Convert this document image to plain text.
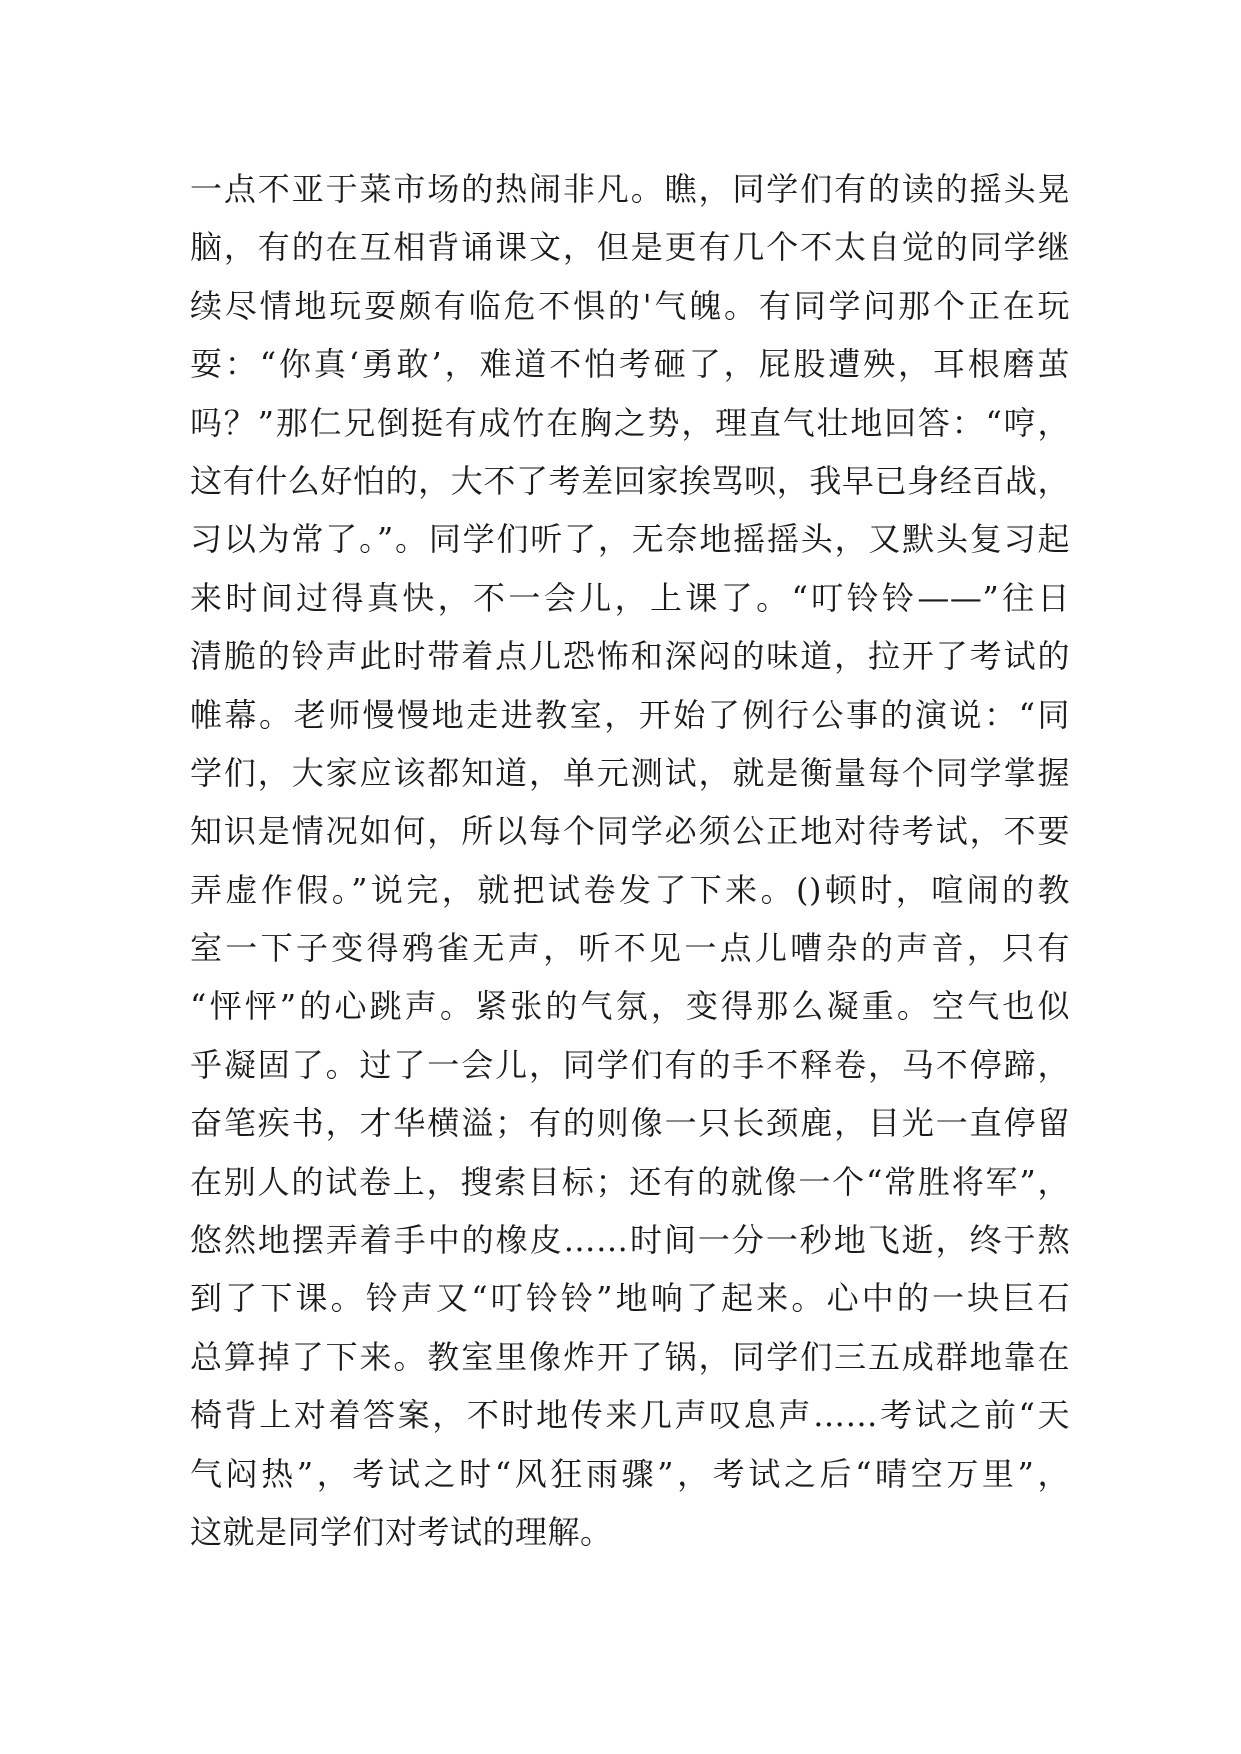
一点不亚于菜市场的热闹非凡。瞧，同学们有的读的摇头晃
脑，有的在互相背诵课文，但是更有几个不太自觉的同学继
续尽情地玩耍颇有临危不惧的'气魄。有同学问那个正在玩
耍：“你真‘勇敢’，难道不怕考砸了，屁股遭殃，耳根磨茧
吗？”那仁兄倒挺有成竹在胸之势，理直气壮地回答：“哼，
这有什么好怕的，大不了考差回家挨骂呗，我早已身经百战，
习以为常了。”。同学们听了，无奈地摇摇头，又默头复习起
来时间过得真快，不一会儿，上课了。“叮铃铃——”往日
清脆的铃声此时带着点儿恐怖和深闷的味道，拉开了考试的
帷幕。老师慢慢地走进教室，开始了例行公事的演说：“同
学们，大家应该都知道，单元测试，就是衡量每个同学掌握
知识是情况如何，所以每个同学必须公正地对待考试，不要
弄虚作假。”说完，就把试卷发了下来。()顿时，喧闹的教
室一下子变得鸦雀无声，听不见一点儿嘈杂的声音，只有
“怦怦”的心跳声。紧张的气氛，变得那么凝重。空气也似
乎凝固了。过了一会儿，同学们有的手不释卷，马不停蹄，
奋笔疾书，才华横溢；有的则像一只长颈鹿，目光一直停留
在别人的试卷上，搜索目标；还有的就像一个“常胜将军”，
悠然地摆弄着手中的橡皮……时间一分一秒地飞逝，终于熬
到了下课。铃声又“叮铃铃”地响了起来。心中的一块巨石
总算掉了下来。教室里像炸开了锅，同学们三五成群地靠在
椅背上对着答案，不时地传来几声叹息声……考试之前“天
气闷热”，考试之时“风狂雨骤”，考试之后“晴空万里”，
这就是同学们对考试的理解。
